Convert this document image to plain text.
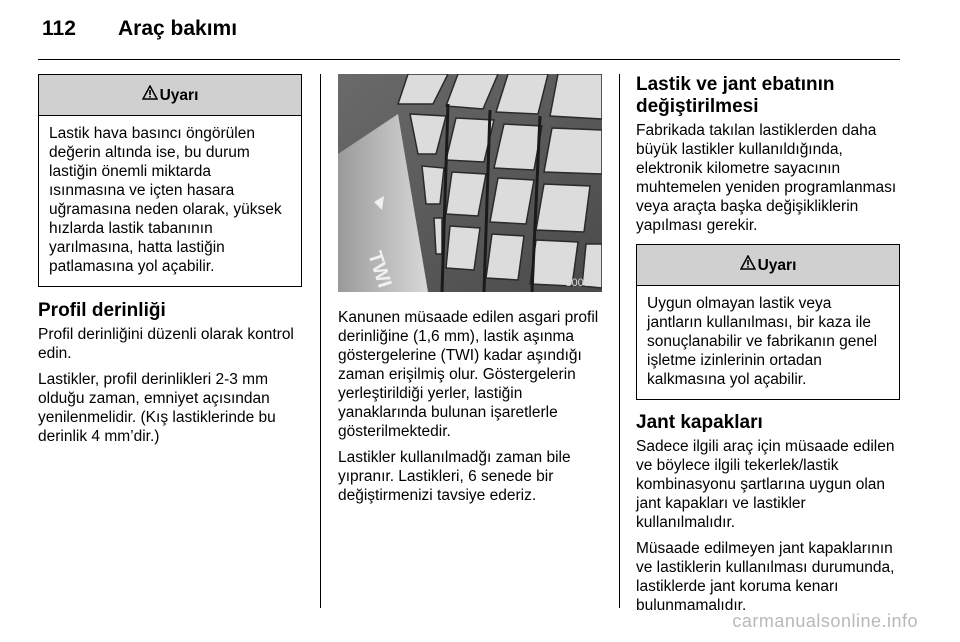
112 Araç bakımı
Uyarı
Lastik hava basıncı öngörülen değerin altında ise, bu durum lastiğin önemli miktarda ısınmasına ve içten hasara uğramasına neden olarak, yüksek hızlarda lastik tabanının yarılmasına, hatta lastiğin patlamasına yol açabilir.
Profil derinliği

Profil derinliğini düzenli olarak kontrol edin.

Lastikler, profil derinlikleri 2-3 mm olduğu zaman, emniyet açısından yenilenmelidir. (Kış lastiklerinde bu derinlik 4 mm’dir.)

TWI	30055

Kanunen müsaade edilen asgari profil derinliğine (1,6 mm), lastik aşınma göstergelerine (TWI) kadar aşındığı zaman erişilmiş olur. Göstergelerin yerleştirildiği yerler, lastiğin yanaklarında bulunan işaretlerle gösterilmektedir.

Lastikler kullanılmadğı zaman bile yıpranır. Lastikleri, 6 senede bir değiştirmenizi tavsiye ederiz.

Lastik ve jant ebatının değiştirilmesi

Fabrikada takılan lastiklerden daha büyük lastikler kullanıldığında, elektronik kilometre sayacının muhtemelen yeniden programlanması veya araçta başka değişikliklerin yapılması gerekir.

Uyarı
Uygun olmayan lastik veya jantların kullanılması, bir kaza ile sonuçlanabilir ve fabrikanın genel işletme izinlerinin ortadan kalkmasına yol açabilir.
Jant kapakları

Sadece ilgili araç için müsaade edilen ve böylece ilgili tekerlek/lastik kombinasyonu şartlarına uygun olan jant kapakları ve lastikler kullanılmalıdır.

Müsaade edilmeyen jant kapaklarının ve lastiklerin kullanılması durumunda, lastiklerde jant koruma kenarı bulunmamalıdır.

carmanualsonline.info
